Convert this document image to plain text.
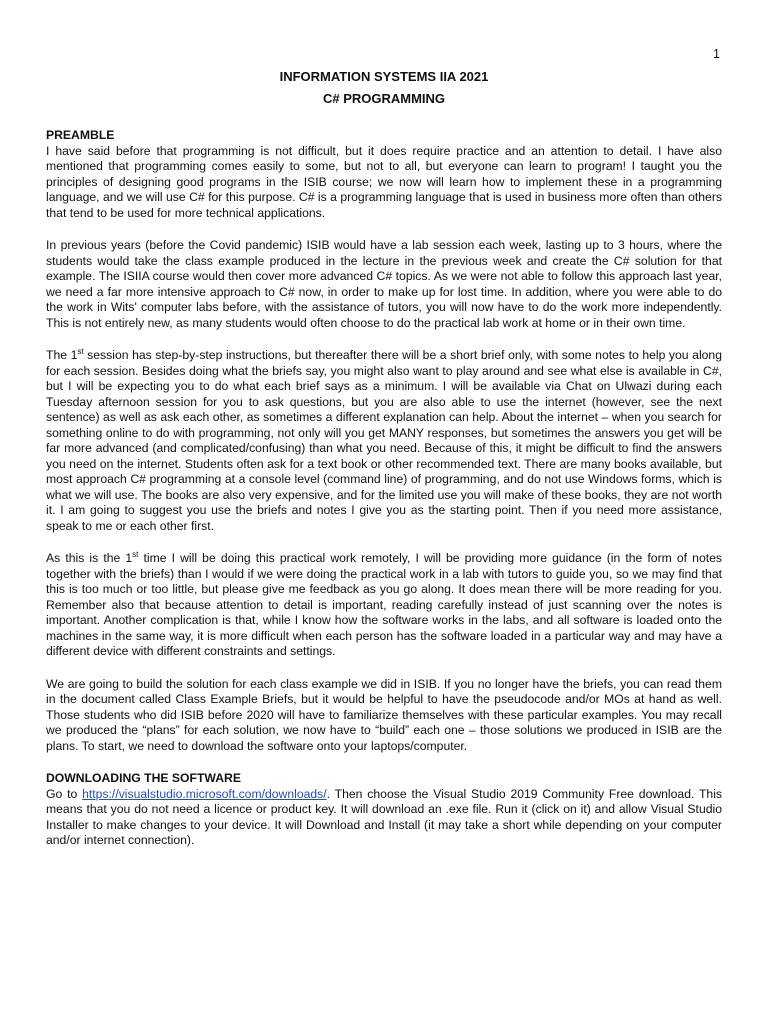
1

INFORMATION SYSTEMS IIA 2021

C# PROGRAMMING

PREAMBLE

I have said before that programming is not difficult, but it does require practice and an attention to detail. I have also mentioned that programming comes easily to some, but not to all, but everyone can learn to program! I taught you the principles of designing good programs in the ISIB course; we now will learn how to implement these in a programming language, and we will use C# for this purpose. C# is a programming language that is used in business more often than others that tend to be used for more technical applications.

In previous years (before the Covid pandemic) ISIB would have a lab session each week, lasting up to 3 hours, where the students would take the class example produced in the lecture in the previous week and create the C# solution for that example. The ISIIA course would then cover more advanced C# topics. As we were not able to follow this approach last year, we need a far more intensive approach to C# now, in order to make up for lost time. In addition, where you were able to do the work in Wits' computer labs before, with the assistance of tutors, you will now have to do the work more independently. This is not entirely new, as many students would often choose to do the practical lab work at home or in their own time.

The 1st session has step-by-step instructions, but thereafter there will be a short brief only, with some notes to help you along for each session. Besides doing what the briefs say, you might also want to play around and see what else is available in C#, but I will be expecting you to do what each brief says as a minimum. I will be available via Chat on Ulwazi during each Tuesday afternoon session for you to ask questions, but you are also able to use the internet (however, see the next sentence) as well as ask each other, as sometimes a different explanation can help. About the internet – when you search for something online to do with programming, not only will you get MANY responses, but sometimes the answers you get will be far more advanced (and complicated/confusing) than what you need. Because of this, it might be difficult to find the answers you need on the internet. Students often ask for a text book or other recommended text. There are many books available, but most approach C# programming at a console level (command line) of programming, and do not use Windows forms, which is what we will use. The books are also very expensive, and for the limited use you will make of these books, they are not worth it. I am going to suggest you use the briefs and notes I give you as the starting point. Then if you need more assistance, speak to me or each other first.

As this is the 1st time I will be doing this practical work remotely, I will be providing more guidance (in the form of notes together with the briefs) than I would if we were doing the practical work in a lab with tutors to guide you, so we may find that this is too much or too little, but please give me feedback as you go along. It does mean there will be more reading for you. Remember also that because attention to detail is important, reading carefully instead of just scanning over the notes is important. Another complication is that, while I know how the software works in the labs, and all software is loaded onto the machines in the same way, it is more difficult when each person has the software loaded in a particular way and may have a different device with different constraints and settings.

We are going to build the solution for each class example we did in ISIB. If you no longer have the briefs, you can read them in the document called Class Example Briefs, but it would be helpful to have the pseudocode and/or MOs at hand as well. Those students who did ISIB before 2020 will have to familiarize themselves with these particular examples. You may recall we produced the “plans” for each solution, we now have to “build” each one – those solutions we produced in ISIB are the plans. To start, we need to download the software onto your laptops/computer.

DOWNLOADING THE SOFTWARE

Go to https://visualstudio.microsoft.com/downloads/. Then choose the Visual Studio 2019 Community Free download. This means that you do not need a licence or product key. It will download an .exe file. Run it (click on it) and allow Visual Studio Installer to make changes to your device. It will Download and Install (it may take a short while depending on your computer and/or internet connection).
